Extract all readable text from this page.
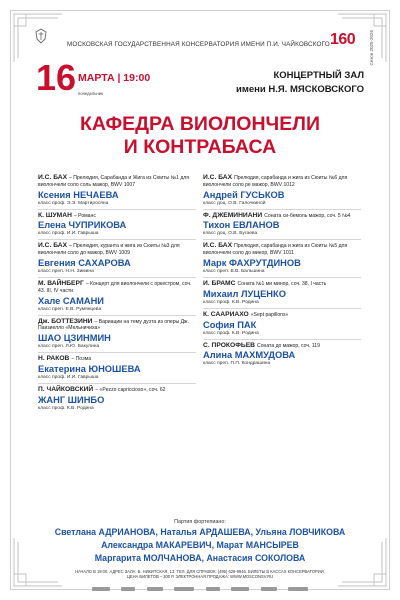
МОСКОВСКАЯ ГОСУДАРСТВЕННАЯ КОНСЕРВАТОРИЯ ИМЕНИ П.И. ЧАЙКОВСКОГО 160	Сезон 2025-2026
16 МАРТА | 19:00
понедельник
КОНЦЕРТНЫЙ ЗАЛ
имени Н.Я. МЯСКОВСКОГО
КАФЕДРА ВИОЛОНЧЕЛИ
И КОНТРАБАСА
И.С. БАХ – Прелюдия, Сарабанда и Жига из Сюиты №1 для виолончели соло соль мажор, BWV 1007
Ксения НЕЧАЕВА
класс проф. Э.Э. Мартиросяна
К. ШУМАН – Романс
Елена ЧУПРИКОВА
класс проф. И.И. Гаврыша
И.С. БАХ – Прелюдия, куранта и жига из Сюиты №3 для виолончели соло до мажор, BWV 1009
Евгения САХАРОВА
класс преп. Н.Н. Зимина
М. ВАЙНБЕРГ – Концерт для виолончели с оркестром, соч. 43. III, IV части
Хале САМАНИ
класс преп. Е.В. Румянцева
Дж. БОТТЕЗИНИ – Вариации на тему дуэта из оперы Дж. Паизиелло «Мельничиха»
ШАО ЦЗИНМИН
класс преп. Л.Ю. Бакулина
Н. РАКОВ – Поэма
Екатерина ЮНОШЕВА
класс проф. И.И. Гаврыша
П. ЧАЙКОВСКИЙ – «Pezzo capriccioso», соч. 62
ЖАНГ ШИНБО
класс проф. К.В. Родина
И.С. БАХ Прелюдия, сарабанда и жига из Сюиты №6 для виолончели соло ре мажор, BWV 1012
Андрей ГУСЬКОВ
класс доц. О.В. Галочкиной
Ф. ДЖЕМИНИАНИ Соната си-бемоль мажор, соч. 5 №4
Тихон ЕВЛАНОВ
класс доц. О.В. Бугаева
И.С. БАХ Прелюдия, сарабанда и жига из Сюиты №5 для виолончели соло до минор, BWV 1011
Марк ФАХРУТДИНОВ
класс преп. В.В. Бальшина
И. БРАМС Соната №1 ми минор, соч. 38. I часть
Михаил ЛУЦЕНКО
класс проф. К.В. Родина
К. СААРИАХО «Sept papillons»
София ПАК
класс проф. К.В. Родина
С. ПРОКОФЬЕВ Соната до мажор, соч. 119
Алина МАХМУДОВА
класс преп. П.П. Кондрашина
Партия фортепиано:
Светлана АДРИАНОВА, Наталья АРДАШЕВА, Ульяна ЛОВЧИКОВА
Александра МАКАРЕВИЧ, Марат МАНСЫРЕВ
Маргарита МОЛЧАНОВА, Анастасия СОКОЛОВА
НАЧАЛО В 19:00. АДРЕС ЗАЛА: Б. НИКИТСКАЯ, 13. ТЕЛ. ДЛЯ СПРАВОК: (495) 629-9946. БИЛЕТЫ В КАССАХ КОНСЕРВАТОРИИ.
ЦЕНА БИЛЕТОВ – 300 Р. ЭЛЕКТРОННАЯ ПРОДАЖА: WWW.MOSCONSV.RU
